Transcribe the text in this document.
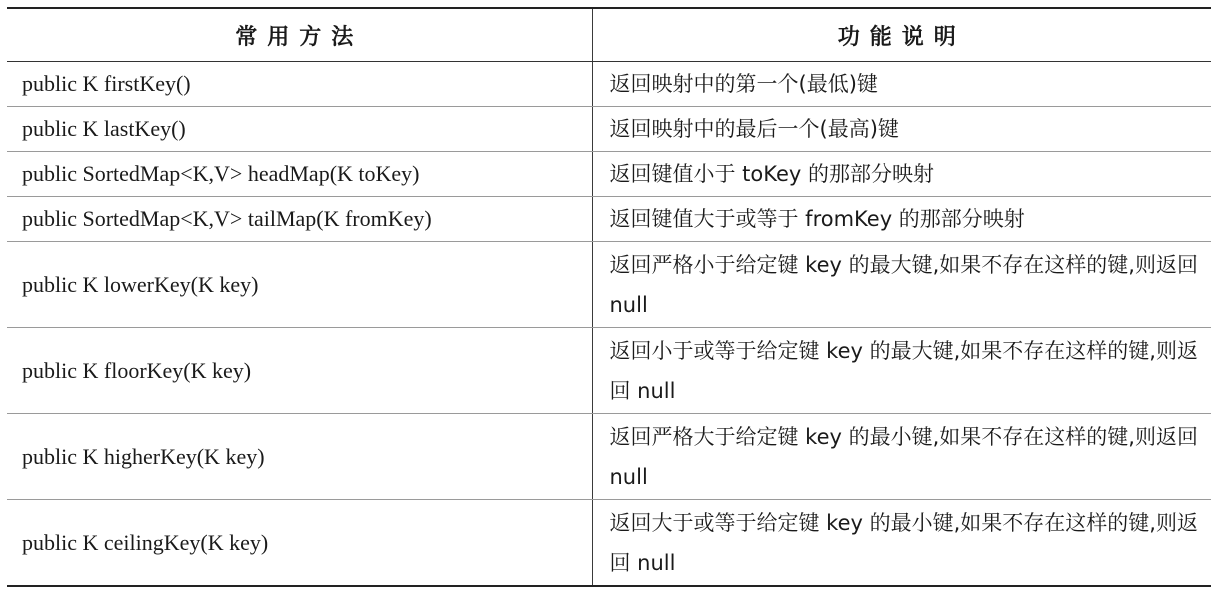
常用方法	功能说明
public K firstKey()	返回映射中的第一个(最低)键
public K lastKey()	返回映射中的最后一个(最高)键
public SortedMap<K,V> headMap(K toKey)	返回键值小于 toKey 的那部分映射
public SortedMap<K,V> tailMap(K fromKey)	返回键值大于或等于 fromKey 的那部分映射
public K lowerKey(K key)	返回严格小于给定键 key 的最大键,如果不存在这样的键,则返回 null
public K floorKey(K key)	返回小于或等于给定键 key 的最大键,如果不存在这样的键,则返回 null
public K higherKey(K key)	返回严格大于给定键 key 的最小键,如果不存在这样的键,则返回 null
public K ceilingKey(K key)	返回大于或等于给定键 key 的最小键,如果不存在这样的键,则返回 null
